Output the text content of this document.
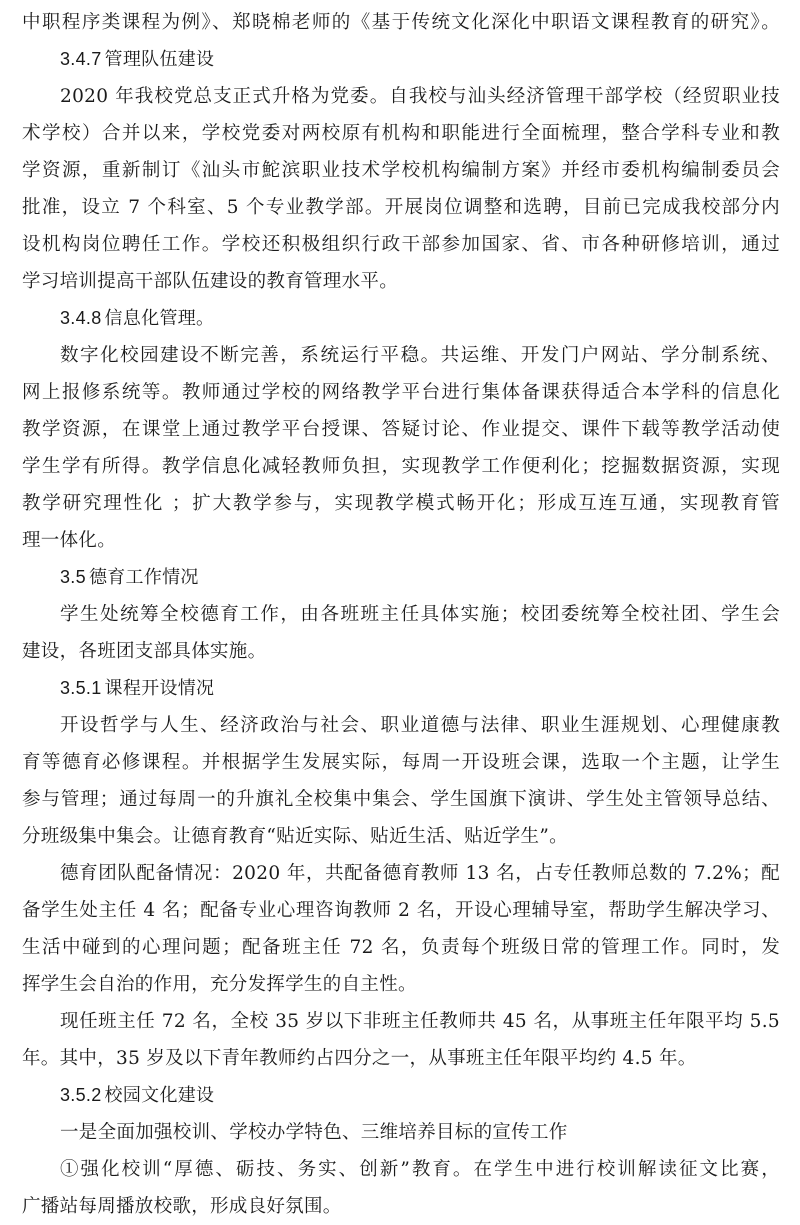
中职程序类课程为例》、郑晓棉老师的《基于传统文化深化中职语文课程教育的研究》。
3.4.7 管理队伍建设
2020 年我校党总支正式升格为党委。自我校与汕头经济管理干部学校（经贸职业技
术学校）合并以来，学校党委对两校原有机构和职能进行全面梳理，整合学科专业和教
学资源，重新制订《汕头市鮀滨职业技术学校机构编制方案》并经市委机构编制委员会
批准，设立 7 个科室、5 个专业教学部。开展岗位调整和选聘，目前已完成我校部分内
设机构岗位聘任工作。学校还积极组织行政干部参加国家、省、市各种研修培训，通过
学习培训提高干部队伍建设的教育管理水平。
3.4.8 信息化管理。
数字化校园建设不断完善，系统运行平稳。共运维、开发门户网站、学分制系统、
网上报修系统等。教师通过学校的网络教学平台进行集体备课获得适合本学科的信息化
教学资源，在课堂上通过教学平台授课、答疑讨论、作业提交、课件下载等教学活动使
学生学有所得。教学信息化减轻教师负担，实现教学工作便利化；挖掘数据资源，实现
教学研究理性化 ；扩大教学参与，实现教学模式畅开化；形成互连互通，实现教育管
理一体化。
3.5 德育工作情况
学生处统筹全校德育工作，由各班班主任具体实施；校团委统筹全校社团、学生会
建设，各班团支部具体实施。
3.5.1 课程开设情况
开设哲学与人生、经济政治与社会、职业道德与法律、职业生涯规划、心理健康教
育等德育必修课程。并根据学生发展实际，每周一开设班会课，选取一个主题，让学生
参与管理；通过每周一的升旗礼全校集中集会、学生国旗下演讲、学生处主管领导总结、
分班级集中集会。让德育教育“贴近实际、贴近生活、贴近学生”。
德育团队配备情况：2020 年，共配备德育教师 13 名，占专任教师总数的 7.2%；配
备学生处主任 4 名；配备专业心理咨询教师 2 名，开设心理辅导室，帮助学生解决学习、
生活中碰到的心理问题；配备班主任 72 名，负责每个班级日常的管理工作。同时，发
挥学生会自治的作用，充分发挥学生的自主性。
现任班主任 72 名，全校 35 岁以下非班主任教师共 45 名，从事班主任年限平均 5.5
年。其中，35 岁及以下青年教师约占四分之一，从事班主任年限平均约 4.5 年。
3.5.2 校园文化建设
一是全面加强校训、学校办学特色、三维培养目标的宣传工作
①强化校训“厚德、砺技、务实、创新”教育。在学生中进行校训解读征文比赛，
广播站每周播放校歌，形成良好氛围。
